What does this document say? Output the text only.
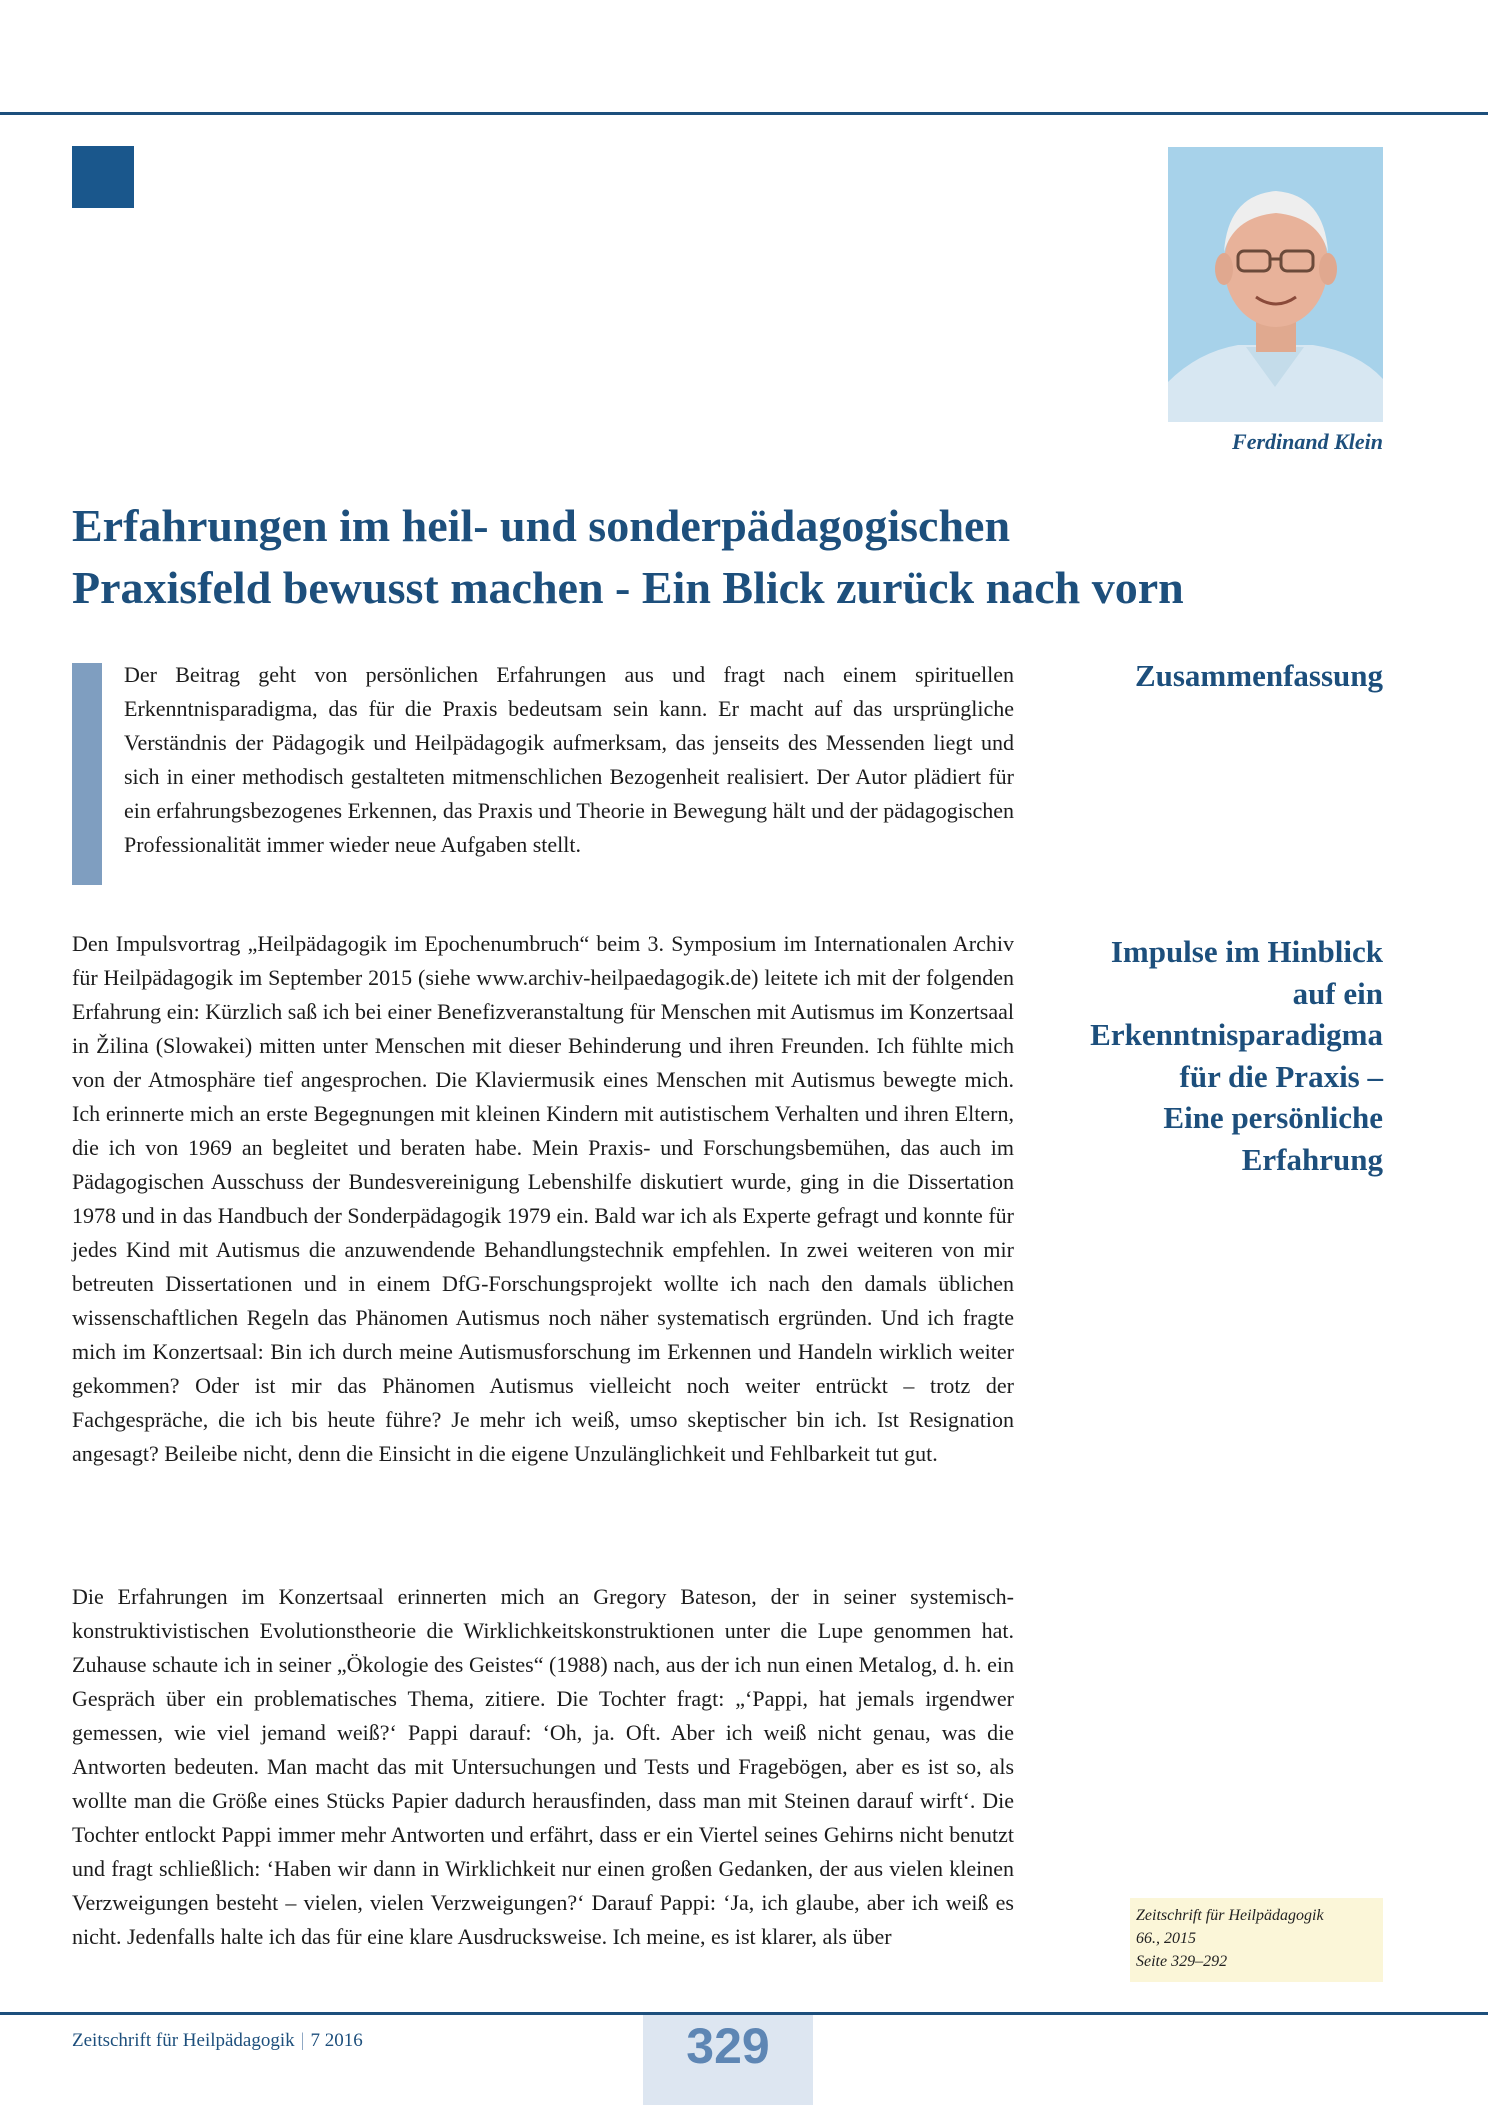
Ferdinand Klein
Erfahrungen im heil- und sonderpädagogischen
Praxisfeld bewusst machen - Ein Blick zurück nach vorn

Der Beitrag geht von persönlichen Erfahrungen aus und fragt nach einem spirituellen Erkenntnisparadigma, das für die Praxis bedeutsam sein kann. Er macht auf das ursprüngliche Verständnis der Pädagogik und Heilpädagogik aufmerksam, das jenseits des Messenden liegt und sich in einer methodisch gestalteten mitmenschlichen Bezogenheit realisiert. Der Autor plädiert für ein erfahrungsbezogenes Erkennen, das Praxis und Theorie in Bewegung hält und der pädagogischen Professionalität immer wieder neue Aufgaben stellt.

Zusammenfassung
Impulse im Hinblick
auf ein
Erkenntnisparadigma
für die Praxis –
Eine persönliche
Erfahrung

Den Impulsvortrag „Heilpädagogik im Epochenumbruch“ beim 3. Symposium im Internationalen Archiv für Heilpädagogik im September 2015 (siehe www.archiv-heilpaedagogik.de) leitete ich mit der folgenden Erfahrung ein: Kürzlich saß ich bei einer Benefizveranstaltung für Menschen mit Autismus im Konzertsaal in Žilina (Slowakei) mitten unter Menschen mit dieser Behinderung und ihren Freunden. Ich fühlte mich von der Atmosphäre tief angesprochen. Die Klaviermusik eines Menschen mit Autismus bewegte mich. Ich erinnerte mich an erste Begegnungen mit kleinen Kindern mit autistischem Verhalten und ihren Eltern, die ich von 1969 an begleitet und beraten habe. Mein Praxis- und Forschungsbemühen, das auch im Pädagogischen Ausschuss der Bundesvereinigung Lebenshilfe diskutiert wurde, ging in die Dissertation 1978 und in das Handbuch der Sonderpädagogik 1979 ein. Bald war ich als Experte gefragt und konnte für jedes Kind mit Autismus die anzuwendende Behandlungstechnik empfehlen. In zwei weiteren von mir betreuten Dissertationen und in einem DfG-Forschungsprojekt wollte ich nach den damals üblichen wissenschaftlichen Regeln das Phänomen Autismus noch näher systematisch ergründen. Und ich fragte mich im Konzertsaal: Bin ich durch meine Autismusforschung im Erkennen und Handeln wirklich weiter gekommen? Oder ist mir das Phänomen Autismus vielleicht noch weiter entrückt – trotz der Fachgespräche, die ich bis heute führe? Je mehr ich weiß, umso skeptischer bin ich. Ist Resignation angesagt? Beileibe nicht, denn die Einsicht in die eigene Unzulänglichkeit und Fehlbarkeit tut gut.

Die Erfahrungen im Konzertsaal erinnerten mich an Gregory Bateson, der in seiner systemisch-konstruktivistischen Evolutionstheorie die Wirklichkeitskonstruktionen unter die Lupe genommen hat. Zuhause schaute ich in seiner „Ökologie des Geistes“ (1988) nach, aus der ich nun einen Metalog, d. h. ein Gespräch über ein problematisches Thema, zitiere. Die Tochter fragt: „‘Pappi, hat jemals irgendwer gemessen, wie viel jemand weiß?‘ Pappi darauf: ‘Oh, ja. Oft. Aber ich weiß nicht genau, was die Antworten bedeuten. Man macht das mit Untersuchungen und Tests und Fragebögen, aber es ist so, als wollte man die Größe eines Stücks Papier dadurch herausfinden, dass man mit Steinen darauf wirft‘. Die Tochter entlockt Pappi immer mehr Antworten und erfährt, dass er ein Viertel seines Gehirns nicht benutzt und fragt schließlich: ‘Haben wir dann in Wirklichkeit nur einen großen Gedanken, der aus vielen kleinen Verzweigungen besteht – vielen, vielen Verzweigungen?‘ Darauf Pappi: ‘Ja, ich glaube, aber ich weiß es nicht. Jedenfalls halte ich das für eine klare Ausdrucksweise. Ich meine, es ist klarer, als über

Zeitschrift für Heilpädagogik
66., 2015
Seite 329–292
Zeitschrift für Heilpädagogik | 7 2016	329
